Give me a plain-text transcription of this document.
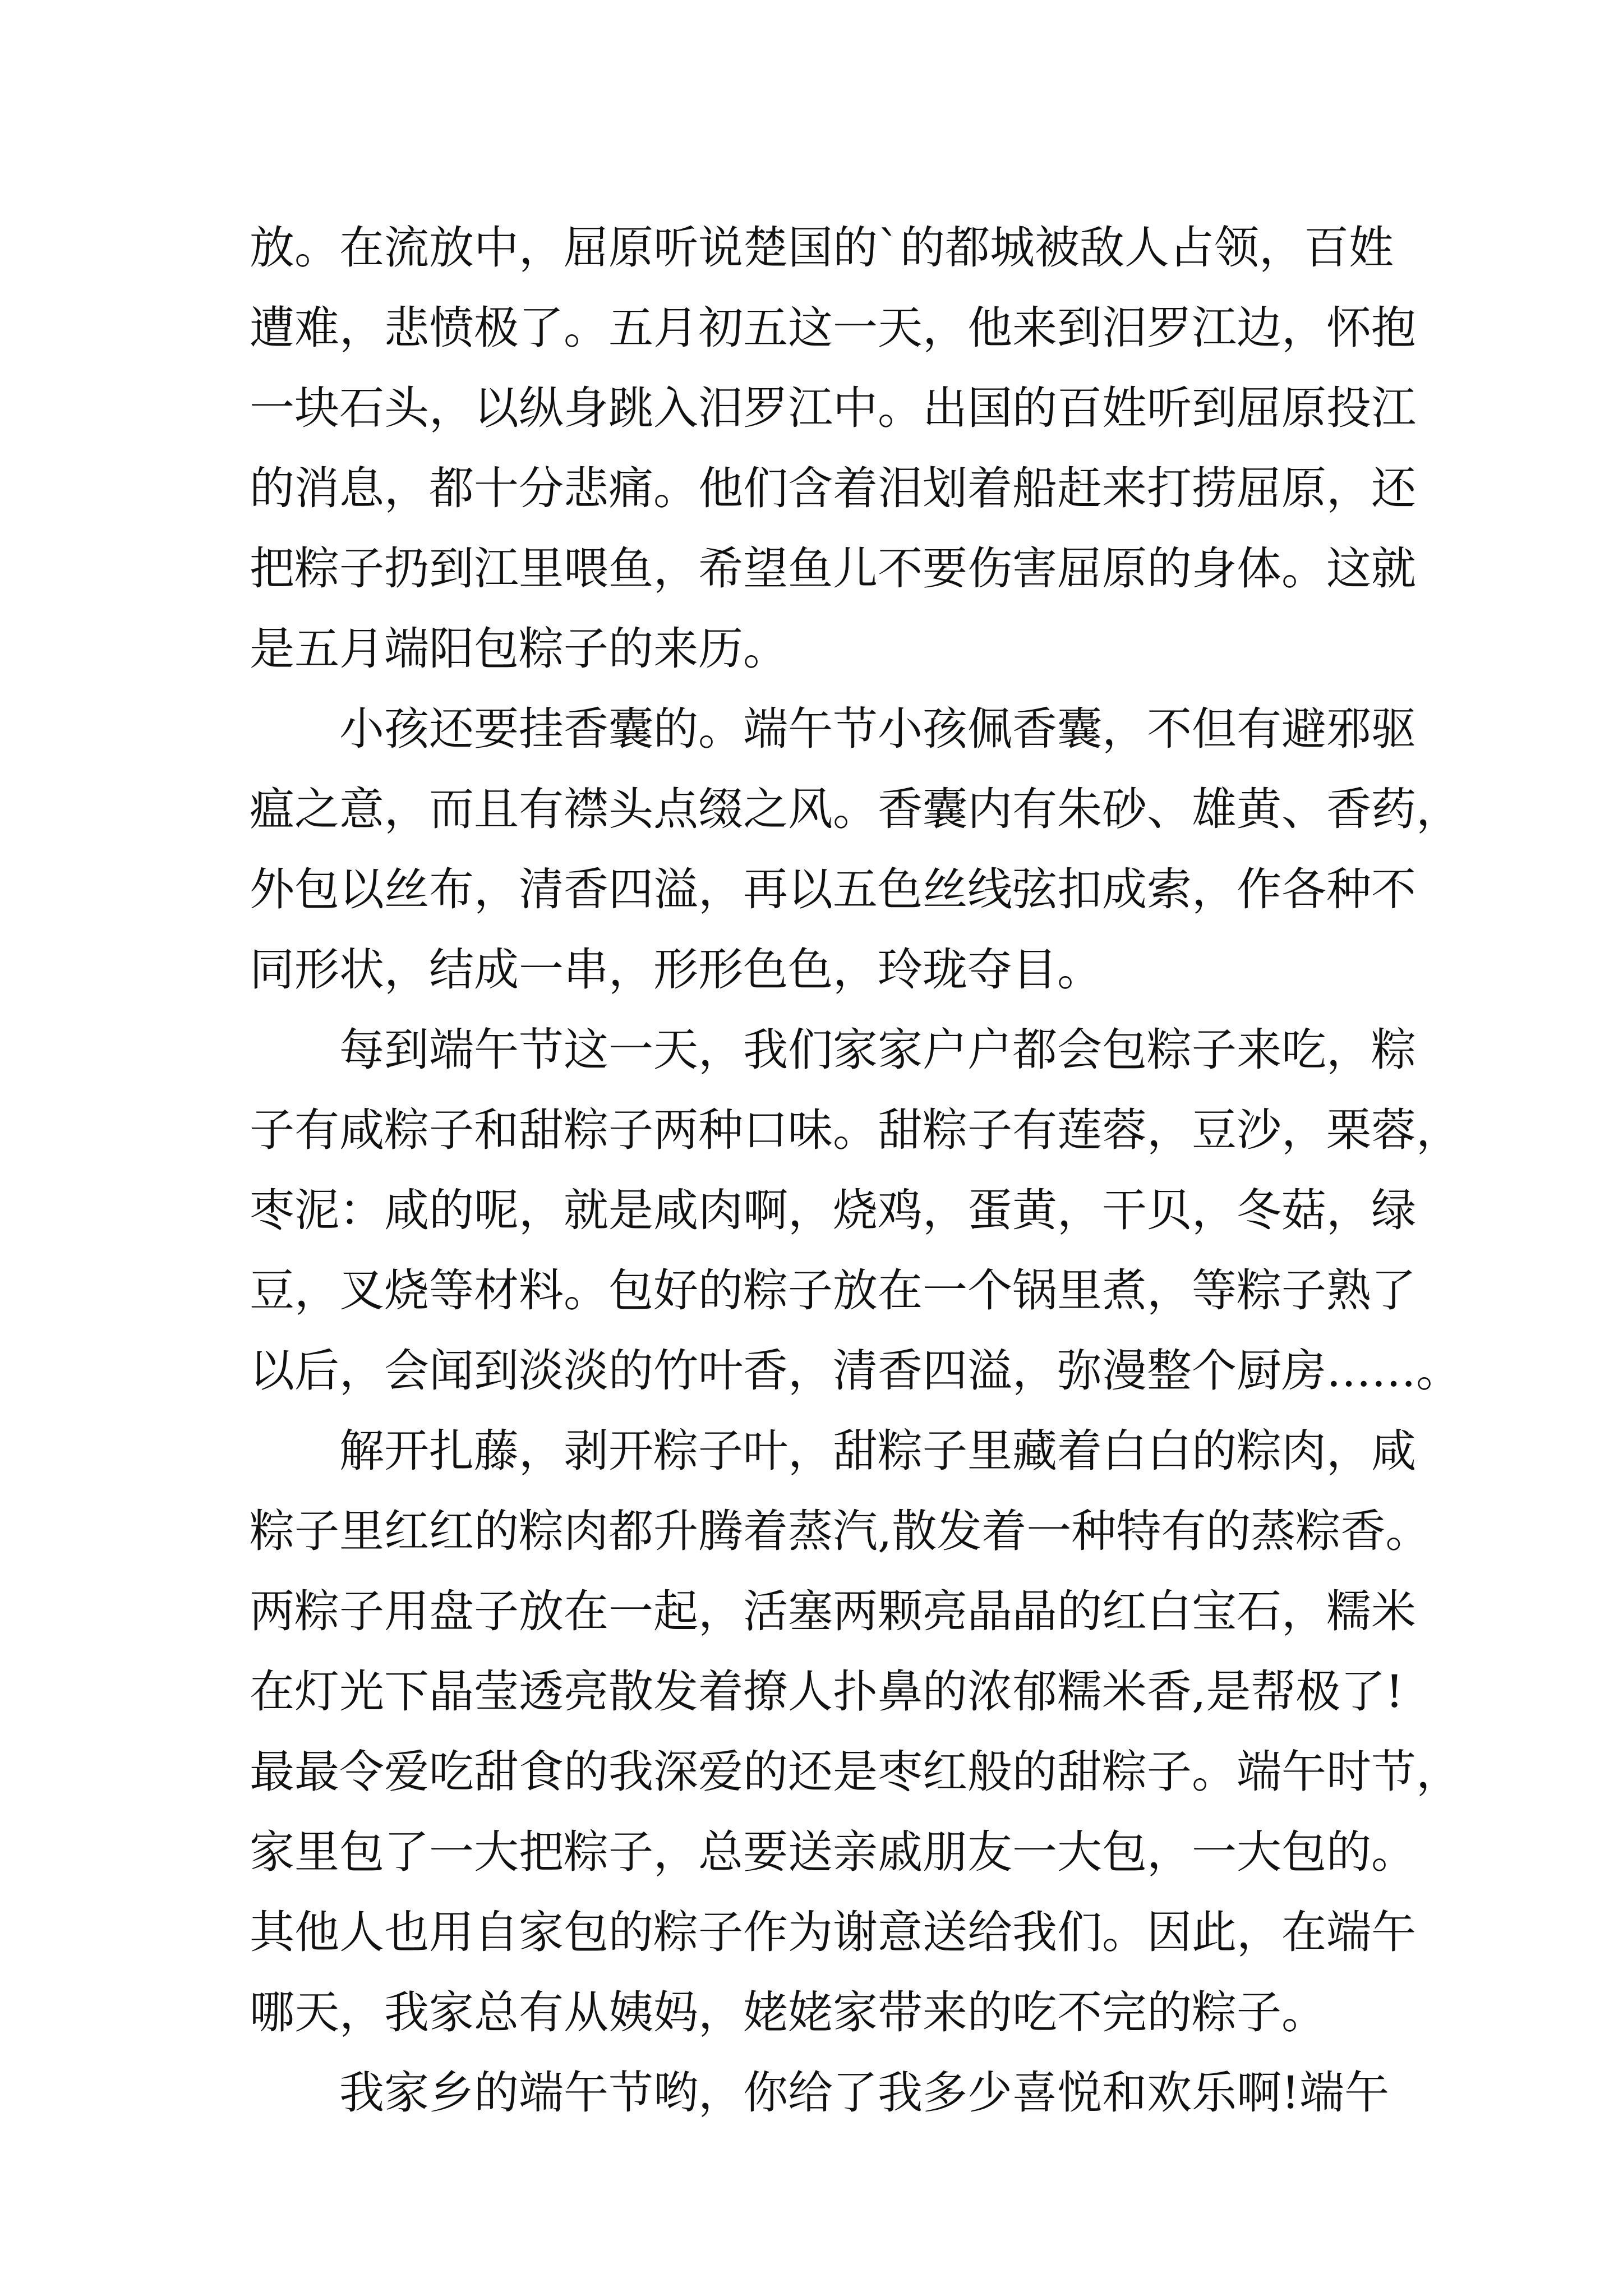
放。在流放中，屈原听说楚国的`的都城被敌人占领，百姓
遭难，悲愤极了。五月初五这一天，他来到汨罗江边，怀抱
一块石头，以纵身跳入汨罗江中。出国的百姓听到屈原投江
的消息，都十分悲痛。他们含着泪划着船赶来打捞屈原，还
把粽子扔到江里喂鱼，希望鱼儿不要伤害屈原的身体。这就
是五月端阳包粽子的来历。
小孩还要挂香囊的。端午节小孩佩香囊，不但有避邪驱
瘟之意，而且有襟头点缀之风。香囊内有朱砂、雄黄、香药，
外包以丝布，清香四溢，再以五色丝线弦扣成索，作各种不
同形状，结成一串，形形色色，玲珑夺目。
每到端午节这一天，我们家家户户都会包粽子来吃，粽
子有咸粽子和甜粽子两种口味。甜粽子有莲蓉，豆沙，栗蓉，
枣泥：咸的呢，就是咸肉啊，烧鸡，蛋黄，干贝，冬菇，绿
豆，叉烧等材料。包好的粽子放在一个锅里煮，等粽子熟了
以后，会闻到淡淡的竹叶香，清香四溢，弥漫整个厨房……。
解开扎藤，剥开粽子叶，甜粽子里藏着白白的粽肉，咸
粽子里红红的粽肉都升腾着蒸汽,散发着一种特有的蒸粽香。
两粽子用盘子放在一起，活塞两颗亮晶晶的红白宝石，糯米
在灯光下晶莹透亮散发着撩人扑鼻的浓郁糯米香,是帮极了!
最最令爱吃甜食的我深爱的还是枣红般的甜粽子。端午时节，
家里包了一大把粽子，总要送亲戚朋友一大包，一大包的。
其他人也用自家包的粽子作为谢意送给我们。因此，在端午
哪天，我家总有从姨妈，姥姥家带来的吃不完的粽子。
我家乡的端午节哟，你给了我多少喜悦和欢乐啊!端午
